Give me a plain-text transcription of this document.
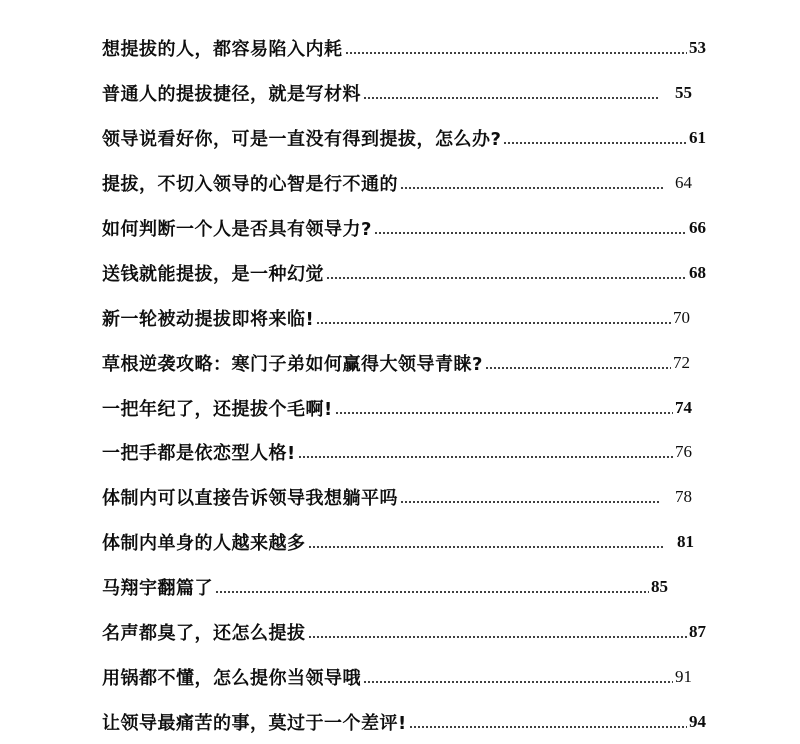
想提拔的人，都容易陷入内耗	53
普通人的提拔捷径，就是写材料	55
领导说看好你，可是一直没有得到提拔，怎么办?	61
提拔，不切入领导的心智是行不通的	64
如何判断一个人是否具有领导力?	66
送钱就能提拔，是一种幻觉	68
新一轮被动提拔即将来临!	70
草根逆袭攻略：寒门子弟如何赢得大领导青睐?	72
一把年纪了，还提拔个毛啊!	74
一把手都是依恋型人格!	76
体制内可以直接告诉领导我想躺平吗	78
体制内单身的人越来越多	81
马翔宇翻篇了	85
名声都臭了，还怎么提拔	87
用锅都不懂，怎么提你当领导哦	91
让领导最痛苦的事，莫过于一个差评!	94
